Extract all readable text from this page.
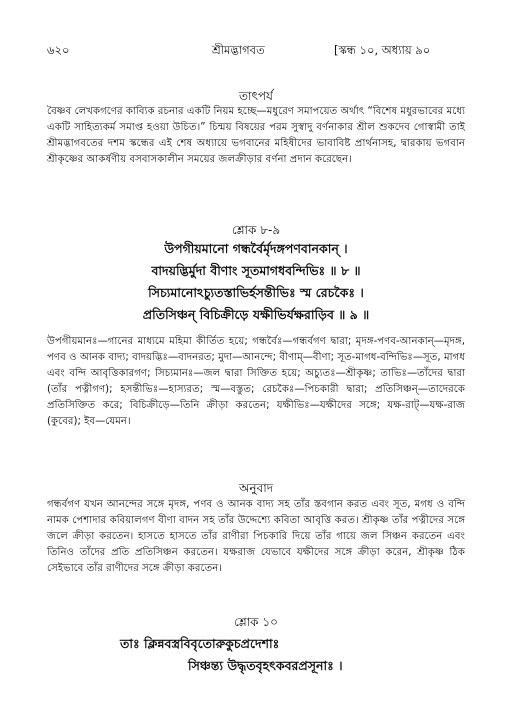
৬২০	শ্রীমদ্ভাগবত	[স্কন্ধ ১০, অধ্যায় ৯০
তাৎপর্য

বৈষ্ণব লেখকগণের কাব্যিক রচনার একটি নিয়ম হচ্ছে—মধুরেণ সমাপয়েত অর্থাৎ “বিশেষ মধুরভাবের মধ্যে একটি সাহিত্যকর্ম সমাপ্ত হওয়া উচিত।” চিন্ময় বিষয়ের পরম সুস্বাদু বর্ণনাকার শ্রীল শুকদেব গোস্বামী তাই শ্রীমদ্ভাগবতের দশম স্কন্ধের এই শেষ অধ্যায়ে ভগবানের মহিষীদের ভাবাবিষ্ট প্রার্থনাসহ, দ্বারকায় ভগবান শ্রীকৃষ্ণের আকর্ষণীয় বসবাসকালীন সময়ের জলক্রীড়ার বর্ণনা প্রদান করেছেন।

শ্লোক ৮-৯
উপগীয়মানো গন্ধর্বৈর্মৃদঙ্গপণবানকান্ ।
বাদয়দ্ভির্মুদা বীণাং সূতমাগধবন্দিভিঃ ॥ ৮ ॥
সিচ্যমানোঽচ্যুতস্তাভির্হসন্তীভিঃ স্ম রেচকৈঃ ।
প্রতিসিঞ্চন্ বিচিক্রীড়ে যক্ষীভির্যক্ষরাড়িব ॥ ৯ ॥

উপগীয়মানঃ—গানের মাধ্যমে মহিমা কীর্তিত হয়ে; গন্ধর্বৈঃ—গন্ধর্বগণ দ্বারা; মৃদঙ্গ-পণব-আনকান্—মৃদঙ্গ, পণব ও আনক বাদ্য; বাদয়দ্ভিঃ—বাদনরত; মুদা—আনন্দে; বীণাম্—বীণা; সূত-মাগধ-বন্দিভিঃ—সূত, মাগধ এবং বন্দি আবৃত্তিকারগণ; সিচ্যমানঃ—জল দ্বারা সিক্তিত হয়ে; অচ্যুতঃ—শ্রীকৃষ্ণ; তাভিঃ—তাঁদের দ্বারা (তাঁর পত্নীগণ); হসন্তীভিঃ—হাস্যরত; স্ম—বস্তুত; রেচকৈঃ—পিচকারী দ্বারা; প্রতিসিঞ্চন্—তাদেরকে প্রতিসিক্তিত করে; বিচিক্রীড়ে—তিনি ক্রীড়া করতেন; যক্ষীভিঃ—যক্ষীদের সঙ্গে; যক্ষ-রাট্—যক্ষ-রাজ (কুবের); ইব—যেমন।

অনুবাদ

গন্ধর্বগণ যখন আনন্দের সঙ্গে মৃদঙ্গ, পণব ও আনক বাদ্য সহ তাঁর স্তবগান করত এবং সূত, মগধ ও বন্দি নামক পেশাদার কবিয়ালগণ বীণা বাদন সহ তাঁর উদ্দেশ্যে কবিতা আবৃত্তি করত। শ্রীকৃষ্ণ তাঁর পত্নীদের সঙ্গে জলে ক্রীড়া করতেন। হাসতে হাসতে তাঁর রাণীরা পিচকারি দিয়ে তাঁর গায়ে জল সিঞ্চন করতেন এবং তিনিও তাঁদের প্রতি প্রতিসিঞ্চন করতেন। যক্ষরাজ যেভাবে যক্ষীদের সঙ্গে ক্রীড়া করেন, শ্রীকৃষ্ণ ঠিক সেইভাবে তাঁর রাণীদের সঙ্গে ক্রীড়া করতেন।

শ্লোক ১০
তাঃ ক্লিন্নবস্ত্রবিবৃতোরুকুচপ্রদেশাঃ
সিঞ্চন্ত্য উদ্ধৃতবৃহৎকবরপ্রসূনাঃ ।
